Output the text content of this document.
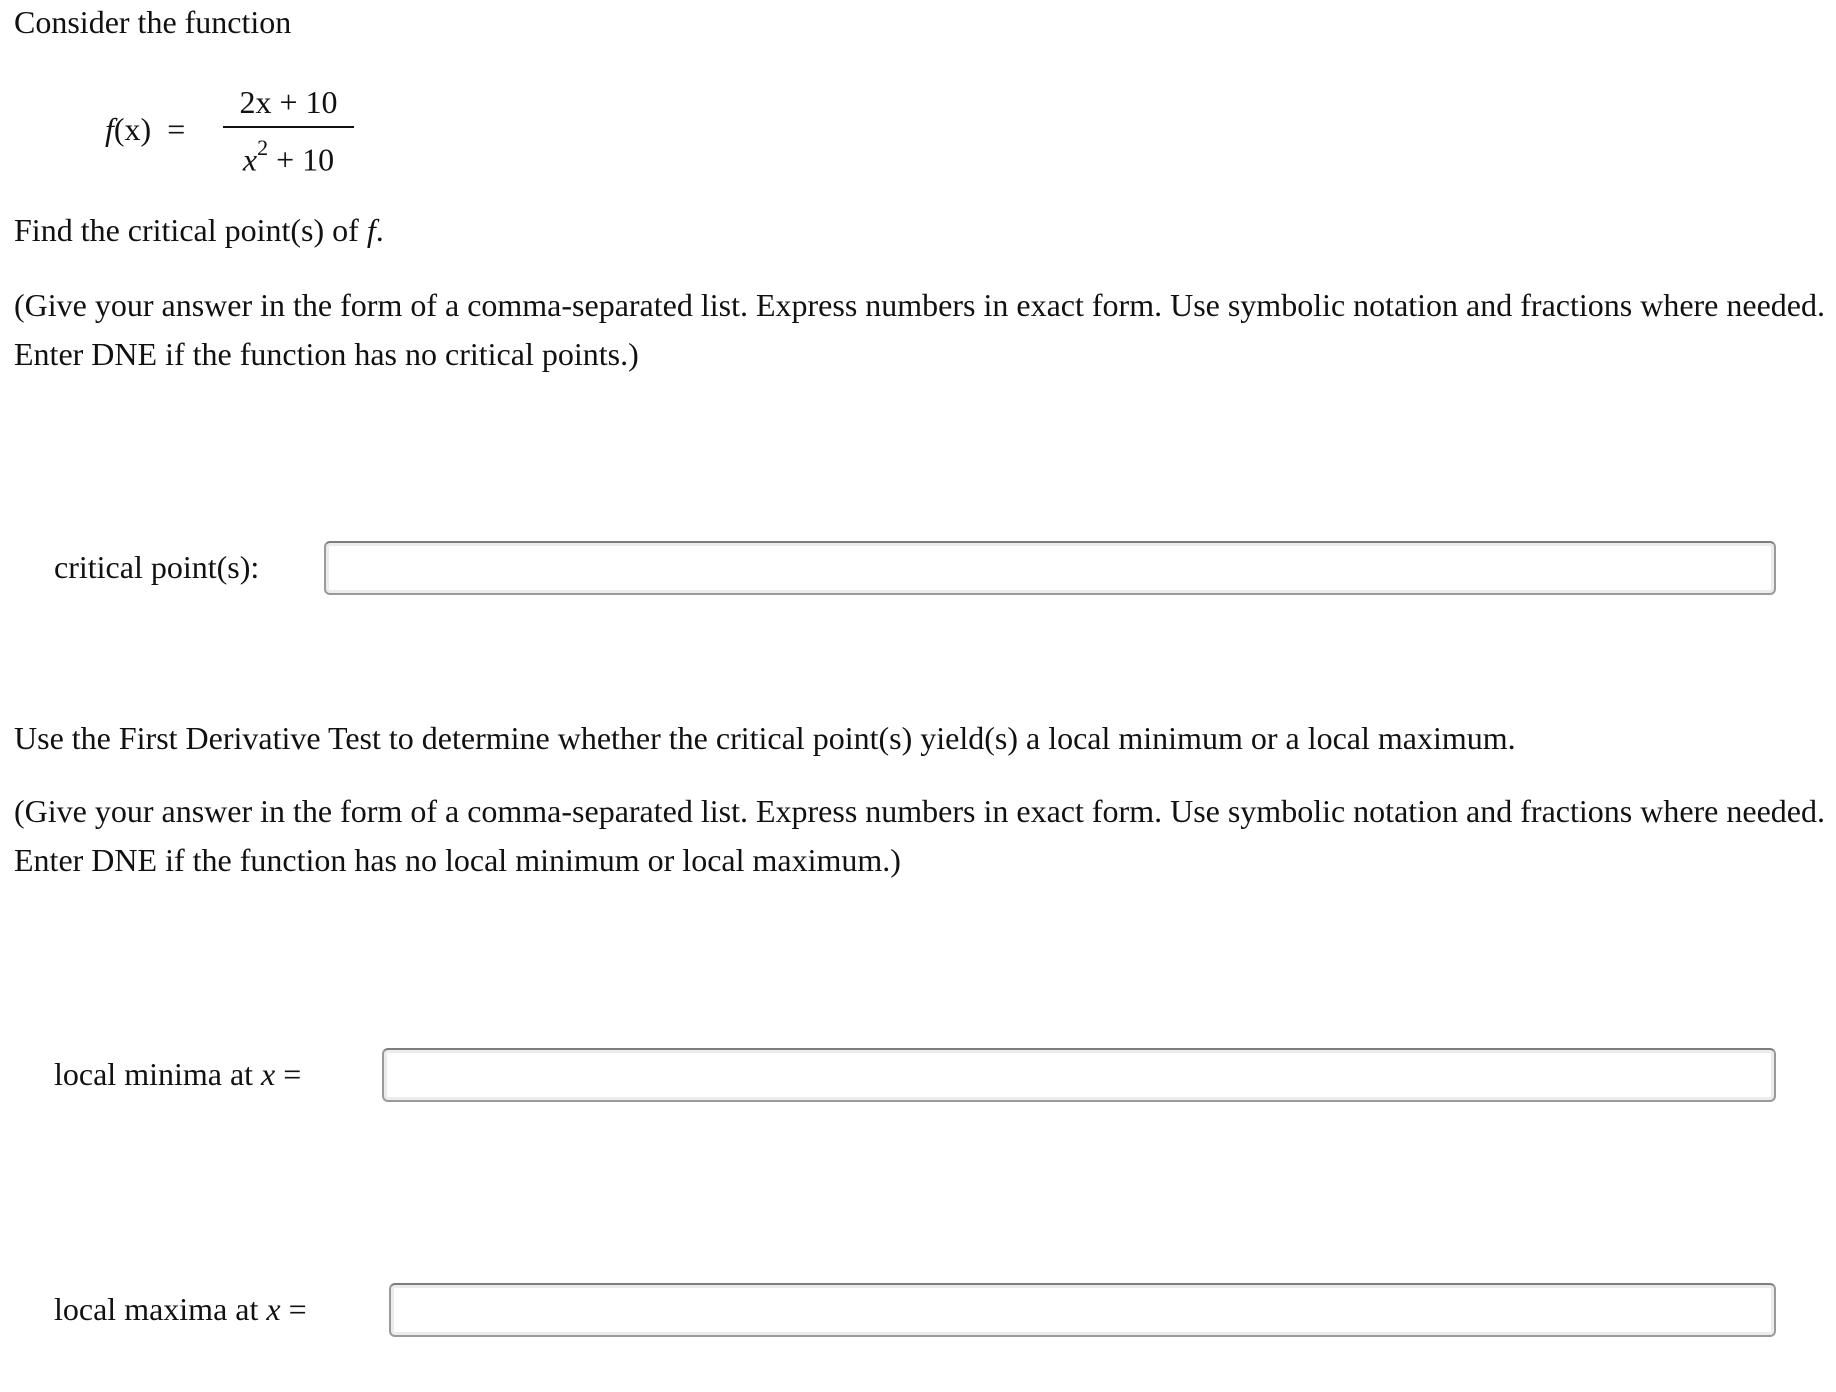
Consider the function
f(x)  =
2x + 10
$x^2 + 10$
Find the critical point(s) of f.
(Give your answer in the form of a comma-separated list. Express numbers in exact form. Use symbolic notation and fractions where needed. Enter DNE if the function has no critical points.)
critical point(s):
Use the First Derivative Test to determine whether the critical point(s) yield(s) a local minimum or a local maximum.
(Give your answer in the form of a comma-separated list. Express numbers in exact form. Use symbolic notation and fractions where needed. Enter DNE if the function has no local minimum or local maximum.)
local minima at x =
local maxima at x =
